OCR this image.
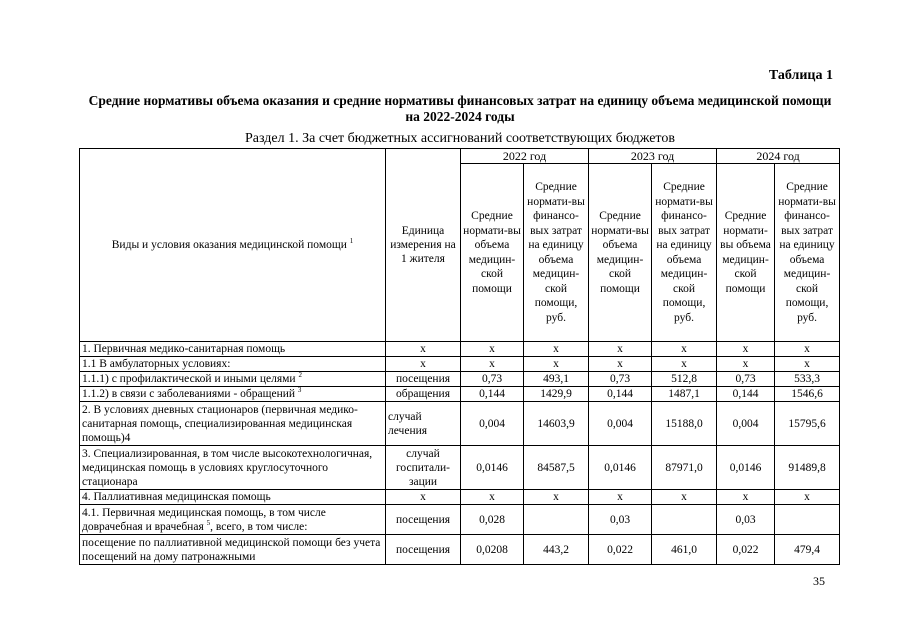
Таблица 1
Средние нормативы объема оказания и средние нормативы финансовых затрат на единицу объема медицинской помощи на 2022-2024 годы
Раздел 1. За счет бюджетных ассигнований соответствующих бюджетов
Виды и условия оказания медицинской помощи $^1$	Единица измерения на 1 жителя	2022 год		2023 год		2024 год	
		Средние нормати-вы объема медицин-ской помощи	Средние нормати-вы финансо-вых затрат на единицу объема медицин-ской помощи, руб.	Средние нормати-вы объема медицин-ской помощи	Средние нормати-вы финансо-вых затрат на единицу объема медицин-ской помощи, руб.	Средние нормати-вы объема медицин-ской помощи	Средние нормати-вы финансо-вых затрат на единицу объема медицин-ской помощи, руб.
1. Первичная медико-санитарная помощь	х	х	х	х	х	х	х
1.1 В амбулаторных условиях:	х	х	х	х	х	х	х
1.1.1) с профилактической и иными целями $^2$	посещения	0,73	493,1	0,73	512,8	0,73	533,3
1.1.2) в связи с заболеваниями - обращений $^3$	обращения	0,144	1429,9	0,144	1487,1	0,144	1546,6
2. В условиях дневных стационаров (первичная медико-санитарная помощь, специализированная медицинская помощь)4	случай лечения	0,004	14603,9	0,004	15188,0	0,004	15795,6
3. Специализированная, в том числе высокотехнологичная, медицинская помощь в условиях круглосуточного стационара	случай госпитали-зации	0,0146	84587,5	0,0146	87971,0	0,0146	91489,8
4. Паллиативная медицинская помощь	х	х	х	х	х	х	х
4.1. Первичная медицинская помощь, в том числе доврачебная и врачебная $^5$, всего, в том числе:	посещения	0,028		0,03		0,03	
посещение по паллиативной медицинской помощи без учета посещений на дому патронажными	посещения	0,0208	443,2	0,022	461,0	0,022	479,4
35
